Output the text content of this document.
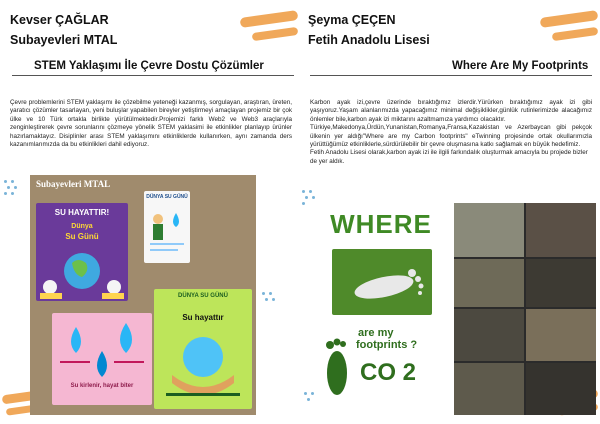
Kevser ÇAĞLAR
Subayevleri MTAL
STEM Yaklaşımı İle Çevre Dostu Çözümler
Çevre problemlerini STEM yaklaşımı ile çözebilme yeteneği kazanmış, sorgulayan, araştıran, üreten, yaratıcı çözümler tasarlayan, yeni buluşlar yapabilen bireyler yetiştirmeyi amaçlayan projemiz bir çok ülke ve 10 Türk ortakla birlikte yürütülmektedir.Projemizi farklı Web2 ve Web3 araçlarıyla zenginleştirerek çevre sorunlarını çözmeye yönelik STEM yaklasimi ile etkinlikler planlayıp ürünler hazırlamaktayız. Disiplinler arası STEM yaklaşımını etkinliklerde kullanırken, aynı zamanda ders kazanımlarımızda da bu etkinlikleri dahil ediyoruz.
Subayevleri MTAL
SU HAYATTIR!
Dünya
Su Günü
DÜNYA SU GÜNÜ
DÜNYA SU GÜNÜ
Su hayattır
Su kirlenir, hayat biter
Şeyma ÇEÇEN
Fetih Anadolu Lisesi
Where Are My Footprints
Karbon ayak izi,çevre üzerinde bıraktığımız izlerdir.Yürürken bıraktığımız ayak izi gibi yaşıyoruz.Yaşam alanlarımızda yapacağımız minimal değişiklikler,günlük rutinlerimizde alacağımız önlemler bile,karbon ayak izi miktarını azaltmamıza yardımcı olacaktır.
Türkiye,Makedonya,Ürdün,Yunanistan,Romanya,Fransa,Kazakistan ve Azerbaycan gibi pekçok ülkenin yer aldığı"Where are my Carbon footprints" eTwinning projesinde ortak okullarımızla yürüttüğümüz etkinliklerle,sürdürülebilir bir çevre oluşmasına katkı sağlamak en büyük hedefimiz.
Fetih Anadolu Lisesi olarak,karbon ayak izi ile ilgili farkındalık oluşturmak amacıyla bu projede bizler de yer aldık.
WHERE
are my
footprints ?
CO 2
